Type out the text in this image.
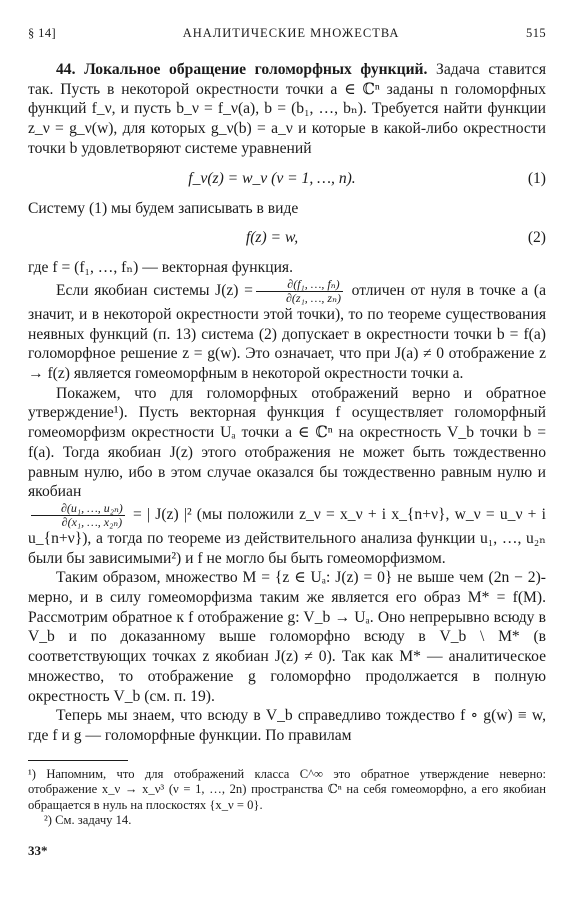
§ 14]	АНАЛИТИЧЕСКИЕ МНОЖЕСТВА	515

44. Локальное обращение голоморфных функций. Задача ставится так. Пусть в некоторой окрестности точки a ∈ ℂⁿ заданы n голоморфных функций f_ν, и пусть b_ν = f_ν(a), b = (b₁, …, bₙ). Требуется найти функции z_ν = g_ν(w), для которых g_ν(b) = a_ν и которые в какой-либо окрестности точки b удовлетворяют системе уравнений

f_ν(z) = w_ν (ν = 1, …, n).	(1)

Систему (1) мы будем записывать в виде

f(z) = w,	(2)

где f = (f₁, …, fₙ) — векторная функция.

Если якобиан системы $J(z) = \frac{\text{∂(f₁, …, fₙ)}}{\text{∂(z₁, …, zₙ)}}$ отличен от нуля в точке a (а значит, и в некоторой окрестности этой точки), то по теореме существования неявных функций (п. 13) система (2) допускает в окрестности точки b = f(a) голоморфное решение z = g(w). Это означает, что при J(a) ≠ 0 отображение z → f(z) является гомеоморфным в некоторой окрестности точки a.

Покажем, что для голоморфных отображений верно и обратное утверждение¹). Пусть векторная функция f осуществляет голоморфный гомеоморфизм окрестности Uₐ точки a ∈ ℂⁿ на окрестность V_b точки b = f(a). Тогда якобиан J(z) этого отображения не может быть тождественно равным нулю, ибо в этом случае оказался бы тождественно равным нулю и якобиан

$\frac{\text{∂(u₁, …, u₂ₙ)}}{\text{∂(x₁, …, x₂ₙ)}}$ = | J(z) |² (мы положили z_ν = x_ν + i x_{n+ν}, w_ν = u_ν + i u_{n+ν}), а тогда по теореме из действительного анализа функции u₁, …, u₂ₙ были бы зависимыми²) и f не могло бы быть гомеоморфизмом.

Таким образом, множество M = {z ∈ Uₐ: J(z) = 0} не выше чем (2n − 2)-мерно, и в силу гомеоморфизма таким же является его образ M* = f(M). Рассмотрим обратное к f отображение g: V_b → Uₐ. Оно непрерывно всюду в V_b и по доказанному выше голоморфно всюду в V_b \ M* (в соответствующих точках z якобиан J(z) ≠ 0). Так как M* — аналитическое множество, то отображение g голоморфно продолжается в полную окрестность V_b (см. п. 19).

Теперь мы знаем, что всюду в V_b справедливо тождество f ∘ g(w) ≡ w, где f и g — голоморфные функции. По правилам

¹) Напомним, что для отображений класса C^∞ это обратное утверждение неверно: отображение x_ν → x_ν³ (ν = 1, …, 2n) пространства ℂⁿ на себя гомеоморфно, а его якобиан обращается в нуль на плоскостях {x_ν = 0}.

²) См. задачу 14.

33*
